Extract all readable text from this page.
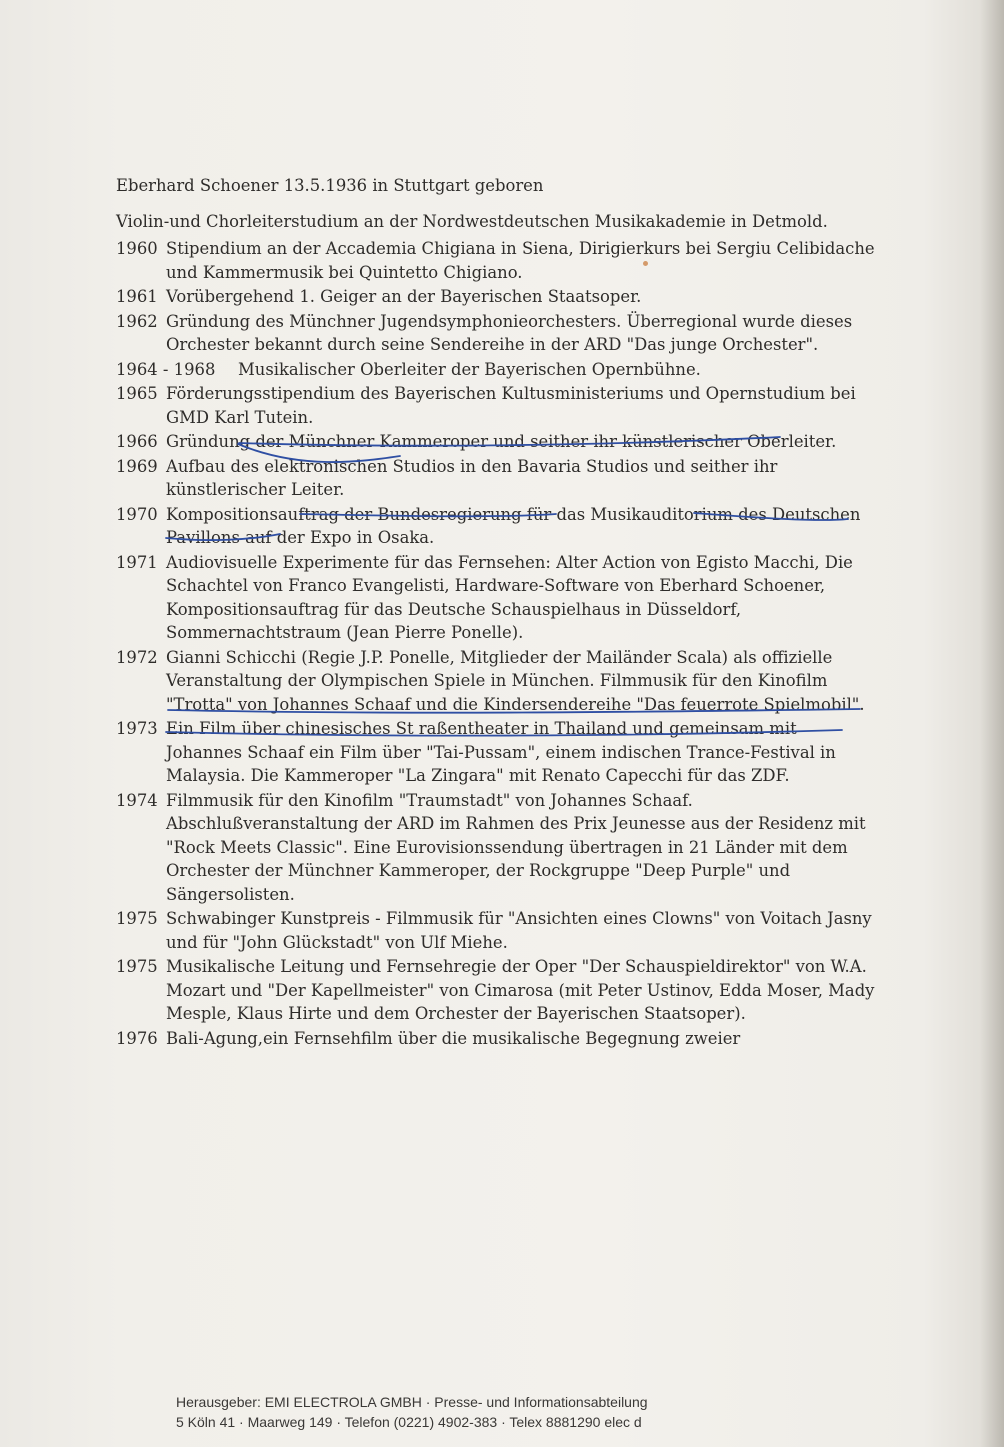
Eberhard Schoener 13.5.1936 in Stuttgart geboren
Violin-und Chorleiterstudium an der Nordwestdeutschen Musikakademie in Detmold.
1960 Stipendium an der Accademia Chigiana in Siena, Dirigierkurs bei Sergiu Celibidache und Kammermusik bei Quintetto Chigiano.
1961 Vorübergehend 1. Geiger an der Bayerischen Staatsoper.
1962 Gründung des Münchner Jugendsymphonieorchesters. Überregional wurde dieses Orchester bekannt durch seine Sendereihe in der ARD "Das junge Orchester".
1964 - 1968	Musikalischer Oberleiter der Bayerischen Opernbühne.
1965 Förderungsstipendium des Bayerischen Kultusministeriums und Opernstudium bei GMD Karl Tutein.
1966 Gründung der Münchner Kammeroper und seither ihr künstlerischer Oberleiter.
1969 Aufbau des elektronischen Studios in den Bavaria Studios und seither ihr künstlerischer Leiter.
1970 Kompositionsauftrag der Bundesregierung für das Musikauditorium des Deutschen Pavillons auf der Expo in Osaka.
1971 Audiovisuelle Experimente für das Fernsehen: Alter Action von Egisto Macchi, Die Schachtel von Franco Evangelisti, Hardware-Software von Eberhard Schoener, Kompositionsauftrag für das Deutsche Schauspielhaus in Düsseldorf, Sommernachtstraum (Jean Pierre Ponelle).
1972 Gianni Schicchi (Regie J.P. Ponelle, Mitglieder der Mailänder Scala) als offizielle Veranstaltung der Olympischen Spiele in München. Filmmusik für den Kinofilm "Trotta" von Johannes Schaaf und die Kindersendereihe "Das feuerrote Spielmobil".
1973 Ein Film über chinesisches St raßentheater in Thailand und gemeinsam mit Johannes Schaaf ein Film über "Tai-Pussam", einem indischen Trance-Festival in Malaysia. Die Kammeroper "La Zingara" mit Renato Capecchi für das ZDF.
1974 Filmmusik für den Kinofilm "Traumstadt" von Johannes Schaaf. Abschlußveranstaltung der ARD im Rahmen des Prix Jeunesse aus der Residenz mit "Rock Meets Classic". Eine Eurovisionssendung übertragen in 21 Länder mit dem Orchester der Münchner Kammeroper, der Rockgruppe "Deep Purple" und Sängersolisten.
1975 Schwabinger Kunstpreis - Filmmusik für "Ansichten eines Clowns" von Voitach Jasny und für "John Glückstadt" von Ulf Miehe.
1975 Musikalische Leitung und Fernsehregie der Oper "Der Schauspieldirektor" von W.A. Mozart und "Der Kapellmeister" von Cimarosa (mit Peter Ustinov, Edda Moser, Mady Mesple, Klaus Hirte und dem Orchester der Bayerischen Staatsoper).
1976 Bali-Agung,ein Fernsehfilm über die musikalische Begegnung zweier
Herausgeber: EMI ELECTROLA GMBH · Presse- und Informationsabteilung
5 Köln 41 · Maarweg 149 · Telefon (0221) 4902-383 · Telex 8881290 elec d
